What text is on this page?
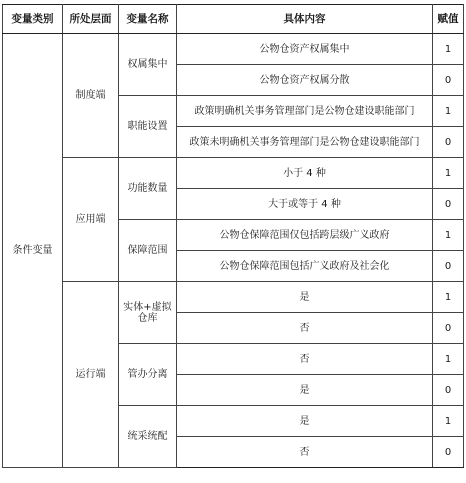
变量类别	所处层面	变量名称	具体内容	赋值
条件变量	制度端	权属集中	公物仓资产权属集中	1
			公物仓资产权属分散	0
		职能设置	政策明确机关事务管理部门是公物仓建设职能部门	1
			政策未明确机关事务管理部门是公物仓建设职能部门	0
	应用端	功能数量	小于 4 种	1
			大于或等于 4 种	0
		保障范围	公物仓保障范围仅包括跨层级广义政府	1
			公物仓保障范围包括广义政府及社会化	0
	运行端	实体+虚拟仓库	是	1
			否	0
		管办分离	否	1
			是	0
		统采统配	是	1
			否	0
